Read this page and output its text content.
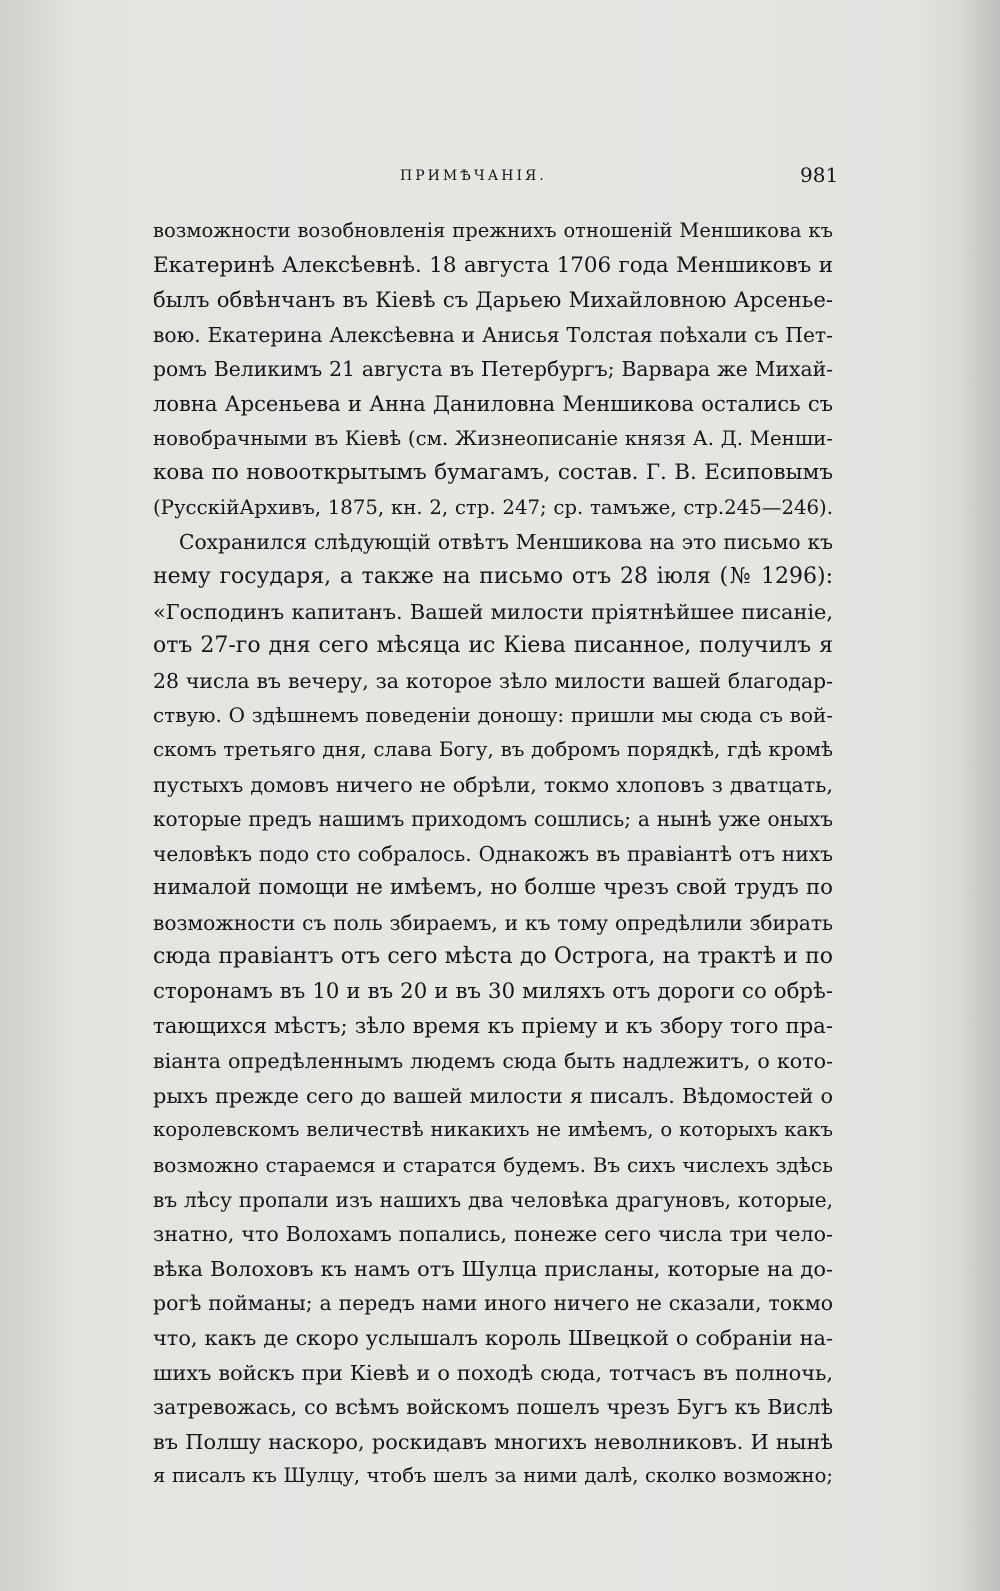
ПРИМѢЧАНІЯ.	981
возможности возобновленія прежнихъ отношеній Меншикова къ
Екатеринѣ Алексѣевнѣ. 18 августа 1706 года Меншиковъ и
былъ обвѣнчанъ въ Кіевѣ съ Дарьею Михайловною Арсенье-
вою. Екатерина Алексѣевна и Анисья Толстая поѣхали съ Пет-
ромъ Великимъ 21 августа въ Петербургъ; Варвара же Михай-
ловна Арсеньева и Анна Даниловна Меншикова остались съ
новобрачными въ Кіевѣ (см. Жизнеописаніе князя А. Д. Менши-
кова по новооткрытымъ бумагамъ, состав. Г. В. Есиповымъ
(РусскійАрхивъ, 1875, кн. 2, стр. 247; ср. тамъже, стр.245—246).
Сохранился слѣдующій отвѣтъ Меншикова на это письмо къ
нему государя, а также на письмо отъ 28 іюля (№ 1296):
«Господинъ капитанъ. Вашей милости пріятнѣйшее писаніе,
отъ 27-го дня сего мѣсяца ис Кіева писанное, получилъ я
28 числа въ вечеру, за которое зѣло милости вашей благодар-
ствую. О здѣшнемъ поведеніи доношу: пришли мы сюда съ вой-
скомъ третьяго дня, слава Богу, въ добромъ порядкѣ, гдѣ кромѣ
пустыхъ домовъ ничего не обрѣли, токмо хлоповъ з дватцать,
которые предъ нашимъ приходомъ сошлись; а нынѣ уже оныхъ
человѣкъ подо сто собралось. Однакожъ въ правіантѣ отъ нихъ
нималой помощи не имѣемъ, но болше чрезъ свой трудъ по
возможности съ поль збираемъ, и къ тому опредѣлили збирать
сюда правіантъ отъ сего мѣста до Острога, на трактѣ и по
сторонамъ въ 10 и въ 20 и въ 30 миляхъ отъ дороги со обрѣ-
тающихся мѣстъ; зѣло время къ пріему и къ збору того пра-
віанта опредѣленнымъ людемъ сюда быть надлежитъ, о кото-
рыхъ прежде сего до вашей милости я писалъ. Вѣдомостей о
королевскомъ величествѣ никакихъ не имѣемъ, о которыхъ какъ
возможно стараемся и старатся будемъ. Въ сихъ числехъ здѣсь
въ лѣсу пропали изъ нашихъ два человѣка драгуновъ, которые,
знатно, что Волохамъ попались, понеже сего числа три чело-
вѣка Волоховъ къ намъ отъ Шулца присланы, которые на до-
рогѣ пойманы; а передъ нами иного ничего не сказали, токмо
что, какъ де скоро услышалъ король Швецкой о собраніи на-
шихъ войскъ при Кіевѣ и о походѣ сюда, тотчасъ въ полночь,
затревожась, со всѣмъ войскомъ пошелъ чрезъ Бугъ къ Вислѣ
въ Полшу наскоро, роскидавъ многихъ неволниковъ. И нынѣ
я писалъ къ Шулцу, чтобъ шелъ за ними далѣ, сколко возможно;
